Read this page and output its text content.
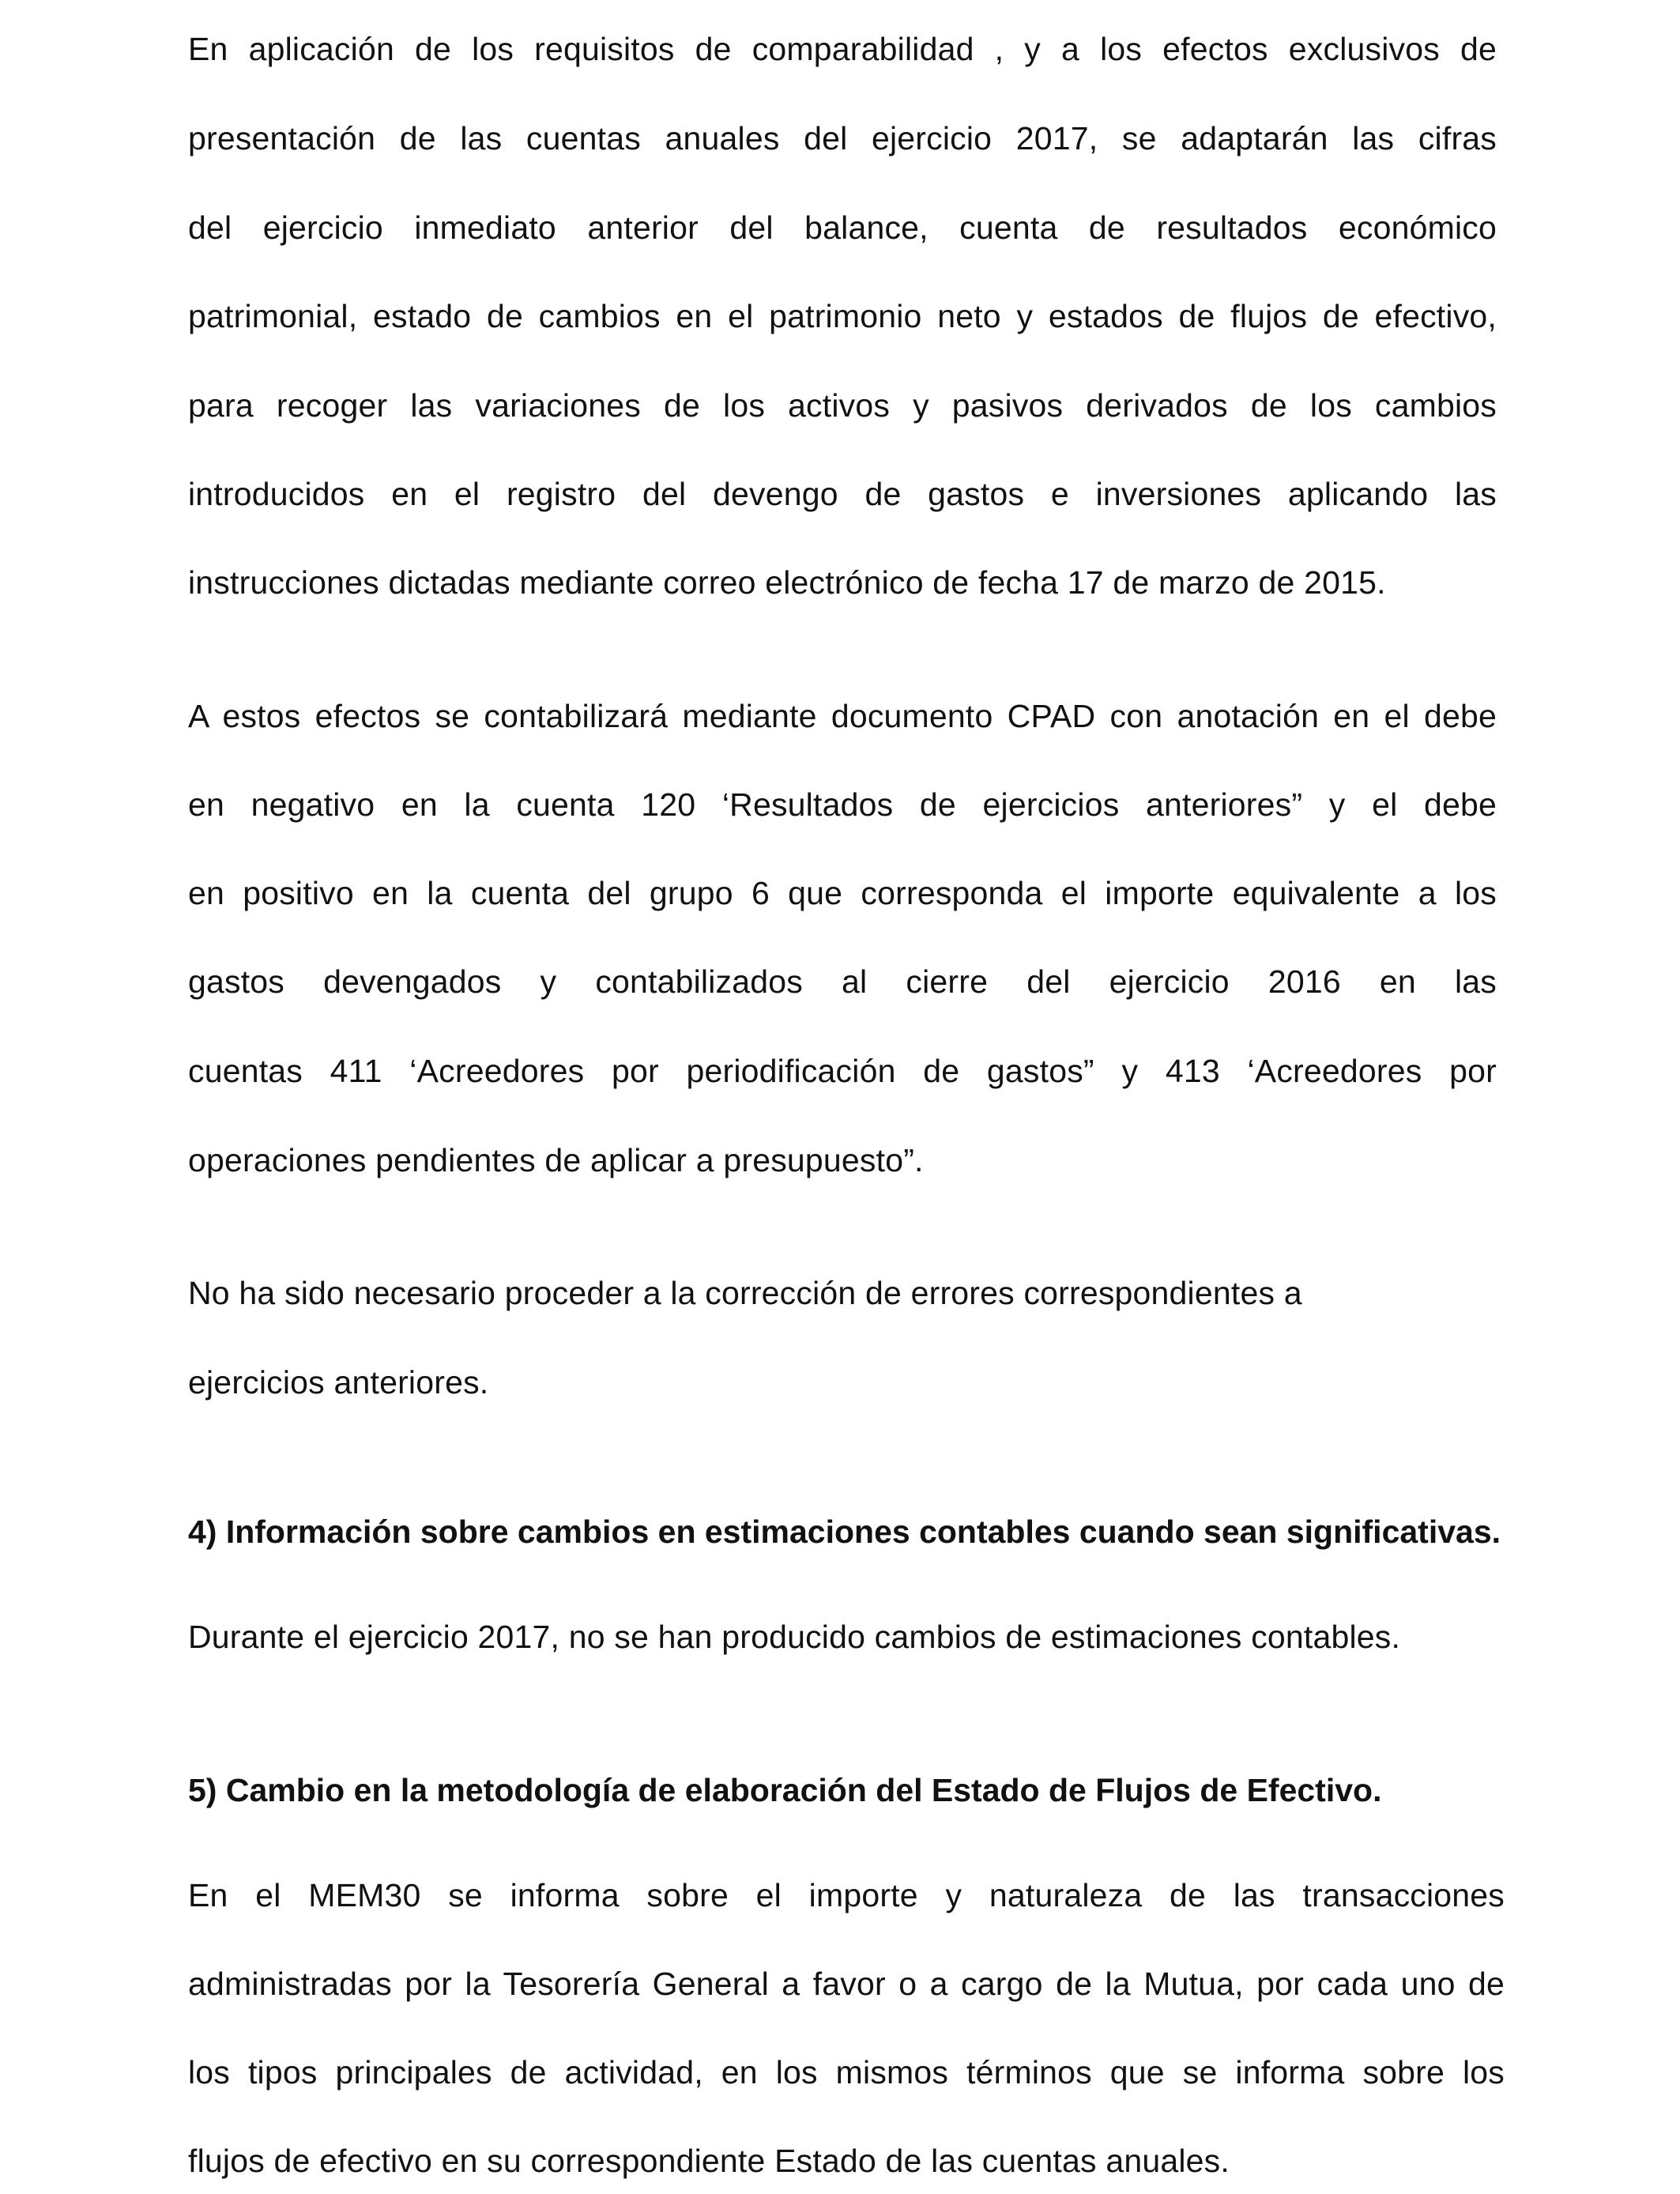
En aplicación de los requisitos de comparabilidad , y a los efectos exclusivos de
presentación de las cuentas anuales del ejercicio 2017, se adaptarán las cifras
del ejercicio inmediato anterior del balance, cuenta de resultados económico
patrimonial, estado de cambios en el patrimonio neto y estados de flujos de efectivo,
para recoger las variaciones de los activos y pasivos derivados de los cambios
introducidos en el registro del devengo de gastos e inversiones aplicando las
instrucciones dictadas mediante correo electrónico de fecha 17 de marzo de 2015.
A estos efectos se contabilizará mediante documento CPAD con anotación en el debe
en negativo en la cuenta 120 ‘Resultados de ejercicios anteriores” y el debe
en positivo en la cuenta del grupo 6 que corresponda el importe equivalente a los
gastos devengados y contabilizados al cierre del ejercicio 2016 en las
cuentas 411 ‘Acreedores por periodificación de gastos” y 413 ‘Acreedores por
operaciones pendientes de aplicar a presupuesto”.
No ha sido necesario proceder a la corrección de errores correspondientes a
ejercicios anteriores.
4) Información sobre cambios en estimaciones contables cuando sean significativas.
Durante el ejercicio 2017, no se han producido cambios de estimaciones contables.
5) Cambio en la metodología de elaboración del Estado de Flujos de Efectivo.
En el MEM30 se informa sobre el importe y naturaleza de las transacciones
administradas por la Tesorería General a favor o a cargo de la Mutua, por cada uno de
los tipos principales de actividad, en los mismos términos que se informa sobre los
flujos de efectivo en su correspondiente Estado de las cuentas anuales.
